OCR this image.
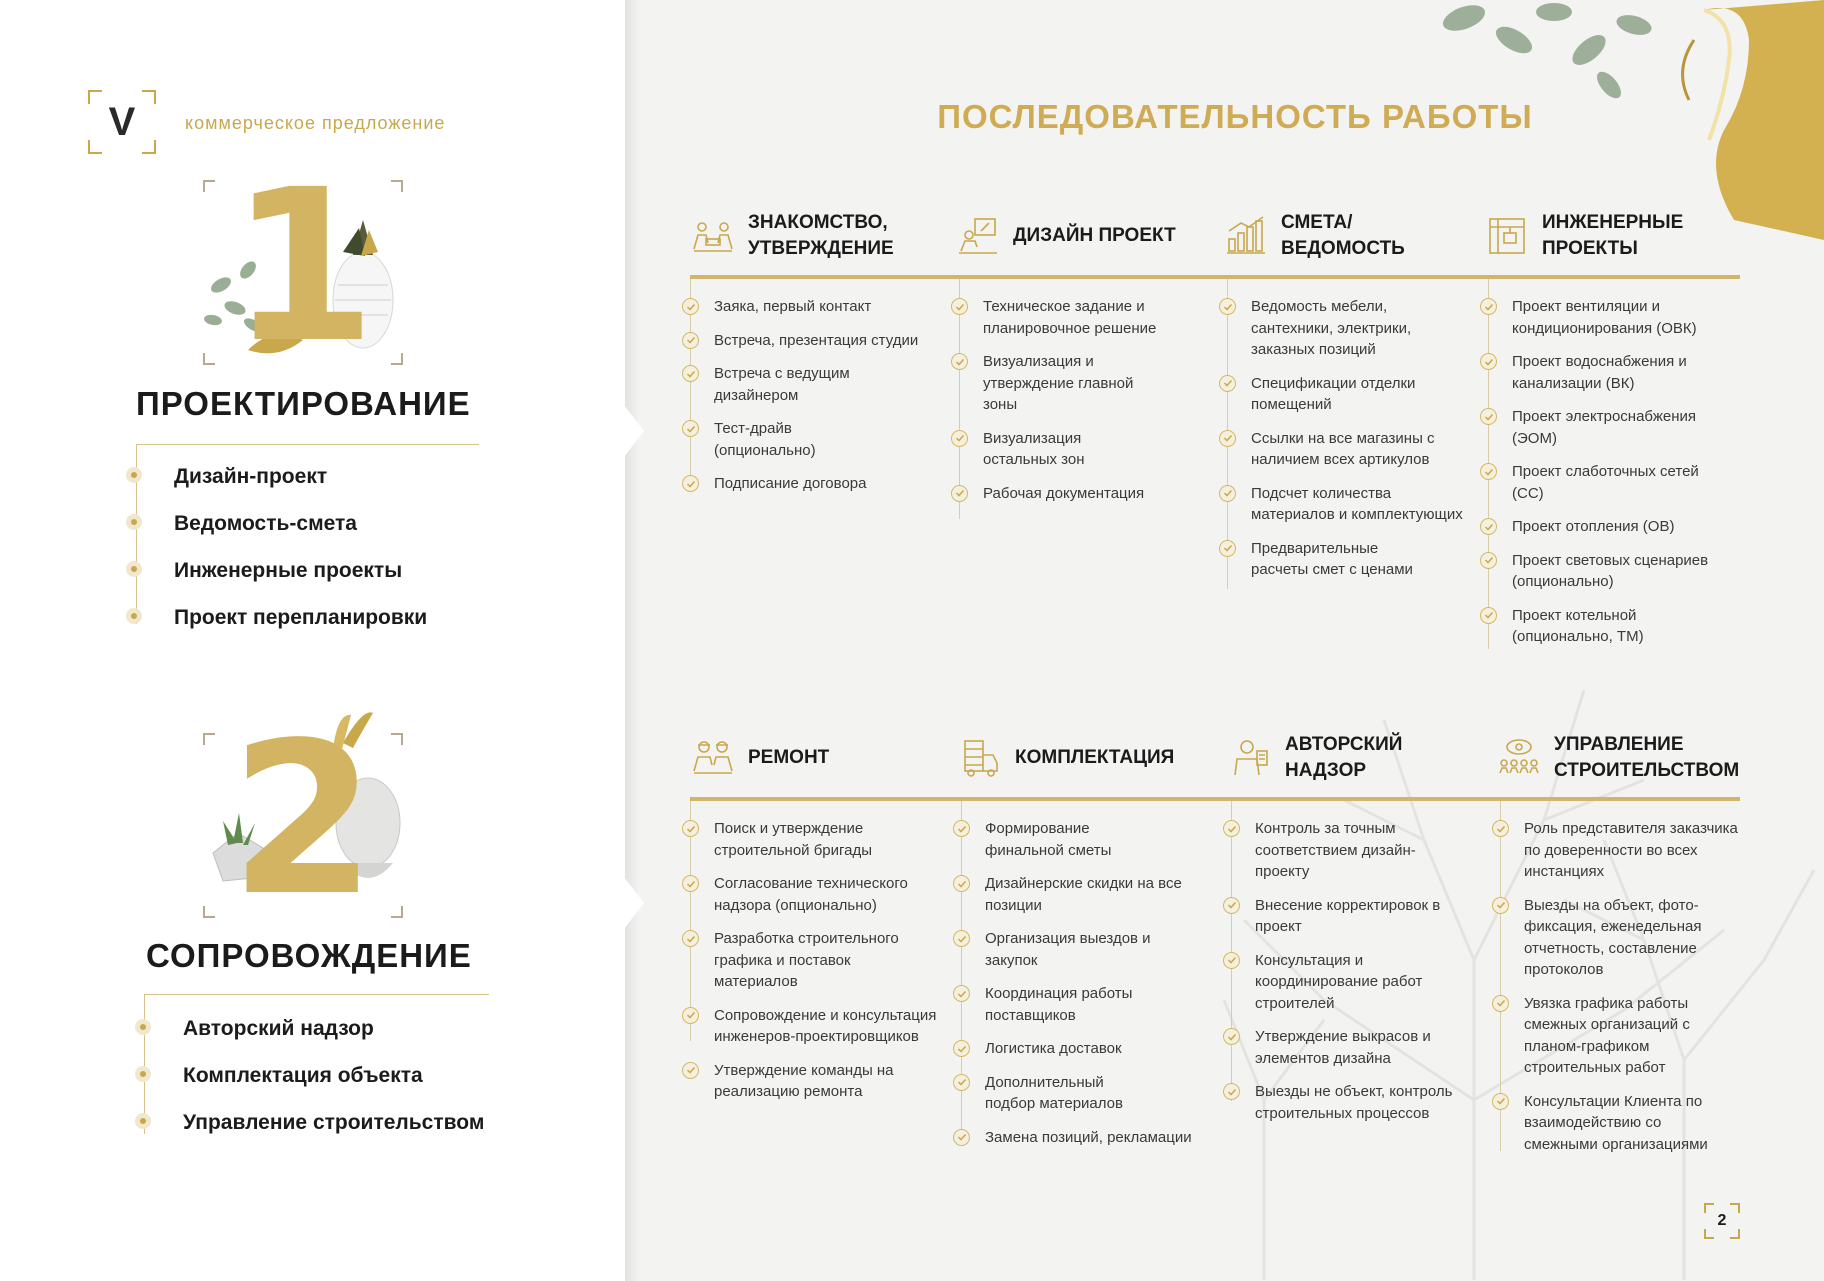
V	коммерческое предложение
1
ПРОЕКТИРОВАНИЕ
Дизайн-проект
Ведомость-смета
Инженерные проекты
Проект перепланировки
2
СОПРОВОЖДЕНИЕ
Авторский надзор
Комплектация объекта
Управление строительством
ПОСЛЕДОВАТЕЛЬНОСТЬ РАБОТЫ
ЗНАКОМСТВО, УТВЕРЖДЕНИЕ
Заяка, первый контакт
Встреча, презентация студии
Встреча с ведущим дизайнером
Тест-драйв (опционально)
Подписание договора
ДИЗАЙН ПРОЕКТ
Техническое задание и планировочное решение
Визуализация и утверждение главной зоны
Визуализация остальных зон
Рабочая документация
СМЕТА/ ВЕДОМОСТЬ
Ведомость мебели, сантехники, электрики, заказных позиций
Спецификации отделки помещений
Ссылки на все магазины с наличием всех артикулов
Подсчет количества материалов и комплектующих
Предварительные расчеты смет с ценами
ИНЖЕНЕРНЫЕ ПРОЕКТЫ
Проект вентиляции и кондиционирования (ОВК)
Проект водоснабжения и канализации (ВК)
Проект электроснабжения (ЭОМ)
Проект слаботочных сетей (СС)
Проект отопления (ОВ)
Проект световых сценариев (опционально)
Проект котельной (опционально, ТМ)
РЕМОНТ
Поиск и утверждение строительной бригады
Согласование технического надзора (опционально)
Разработка строительного графика и поставок материалов
Сопровождение и консультация инженеров-проектировщиков
Утверждение команды на реализацию ремонта
КОМПЛЕКТАЦИЯ
Формирование финальной сметы
Дизайнерские скидки на все позиции
Организация выездов и закупок
Координация работы поставщиков
Логистика доставок
Дополнительный подбор материалов
Замена позиций, рекламации
АВТОРСКИЙ НАДЗОР
Контроль за точным соответствием дизайн-проекту
Внесение корректировок в проект
Консультация и координирование работ строителей
Утверждение выкрасов и элементов дизайна
Выезды не объект, контроль строительных процессов
УПРАВЛЕНИЕ СТРОИТЕЛЬСТВОМ
Роль представителя заказчика по доверенности во всех инстанциях
Выезды на объект, фото-фиксация, еженедельная отчетность, составление протоколов
Увязка графика работы смежных организаций с планом-графиком строительных работ
Консультации Клиента по взаимодействию со смежными организациями
2
